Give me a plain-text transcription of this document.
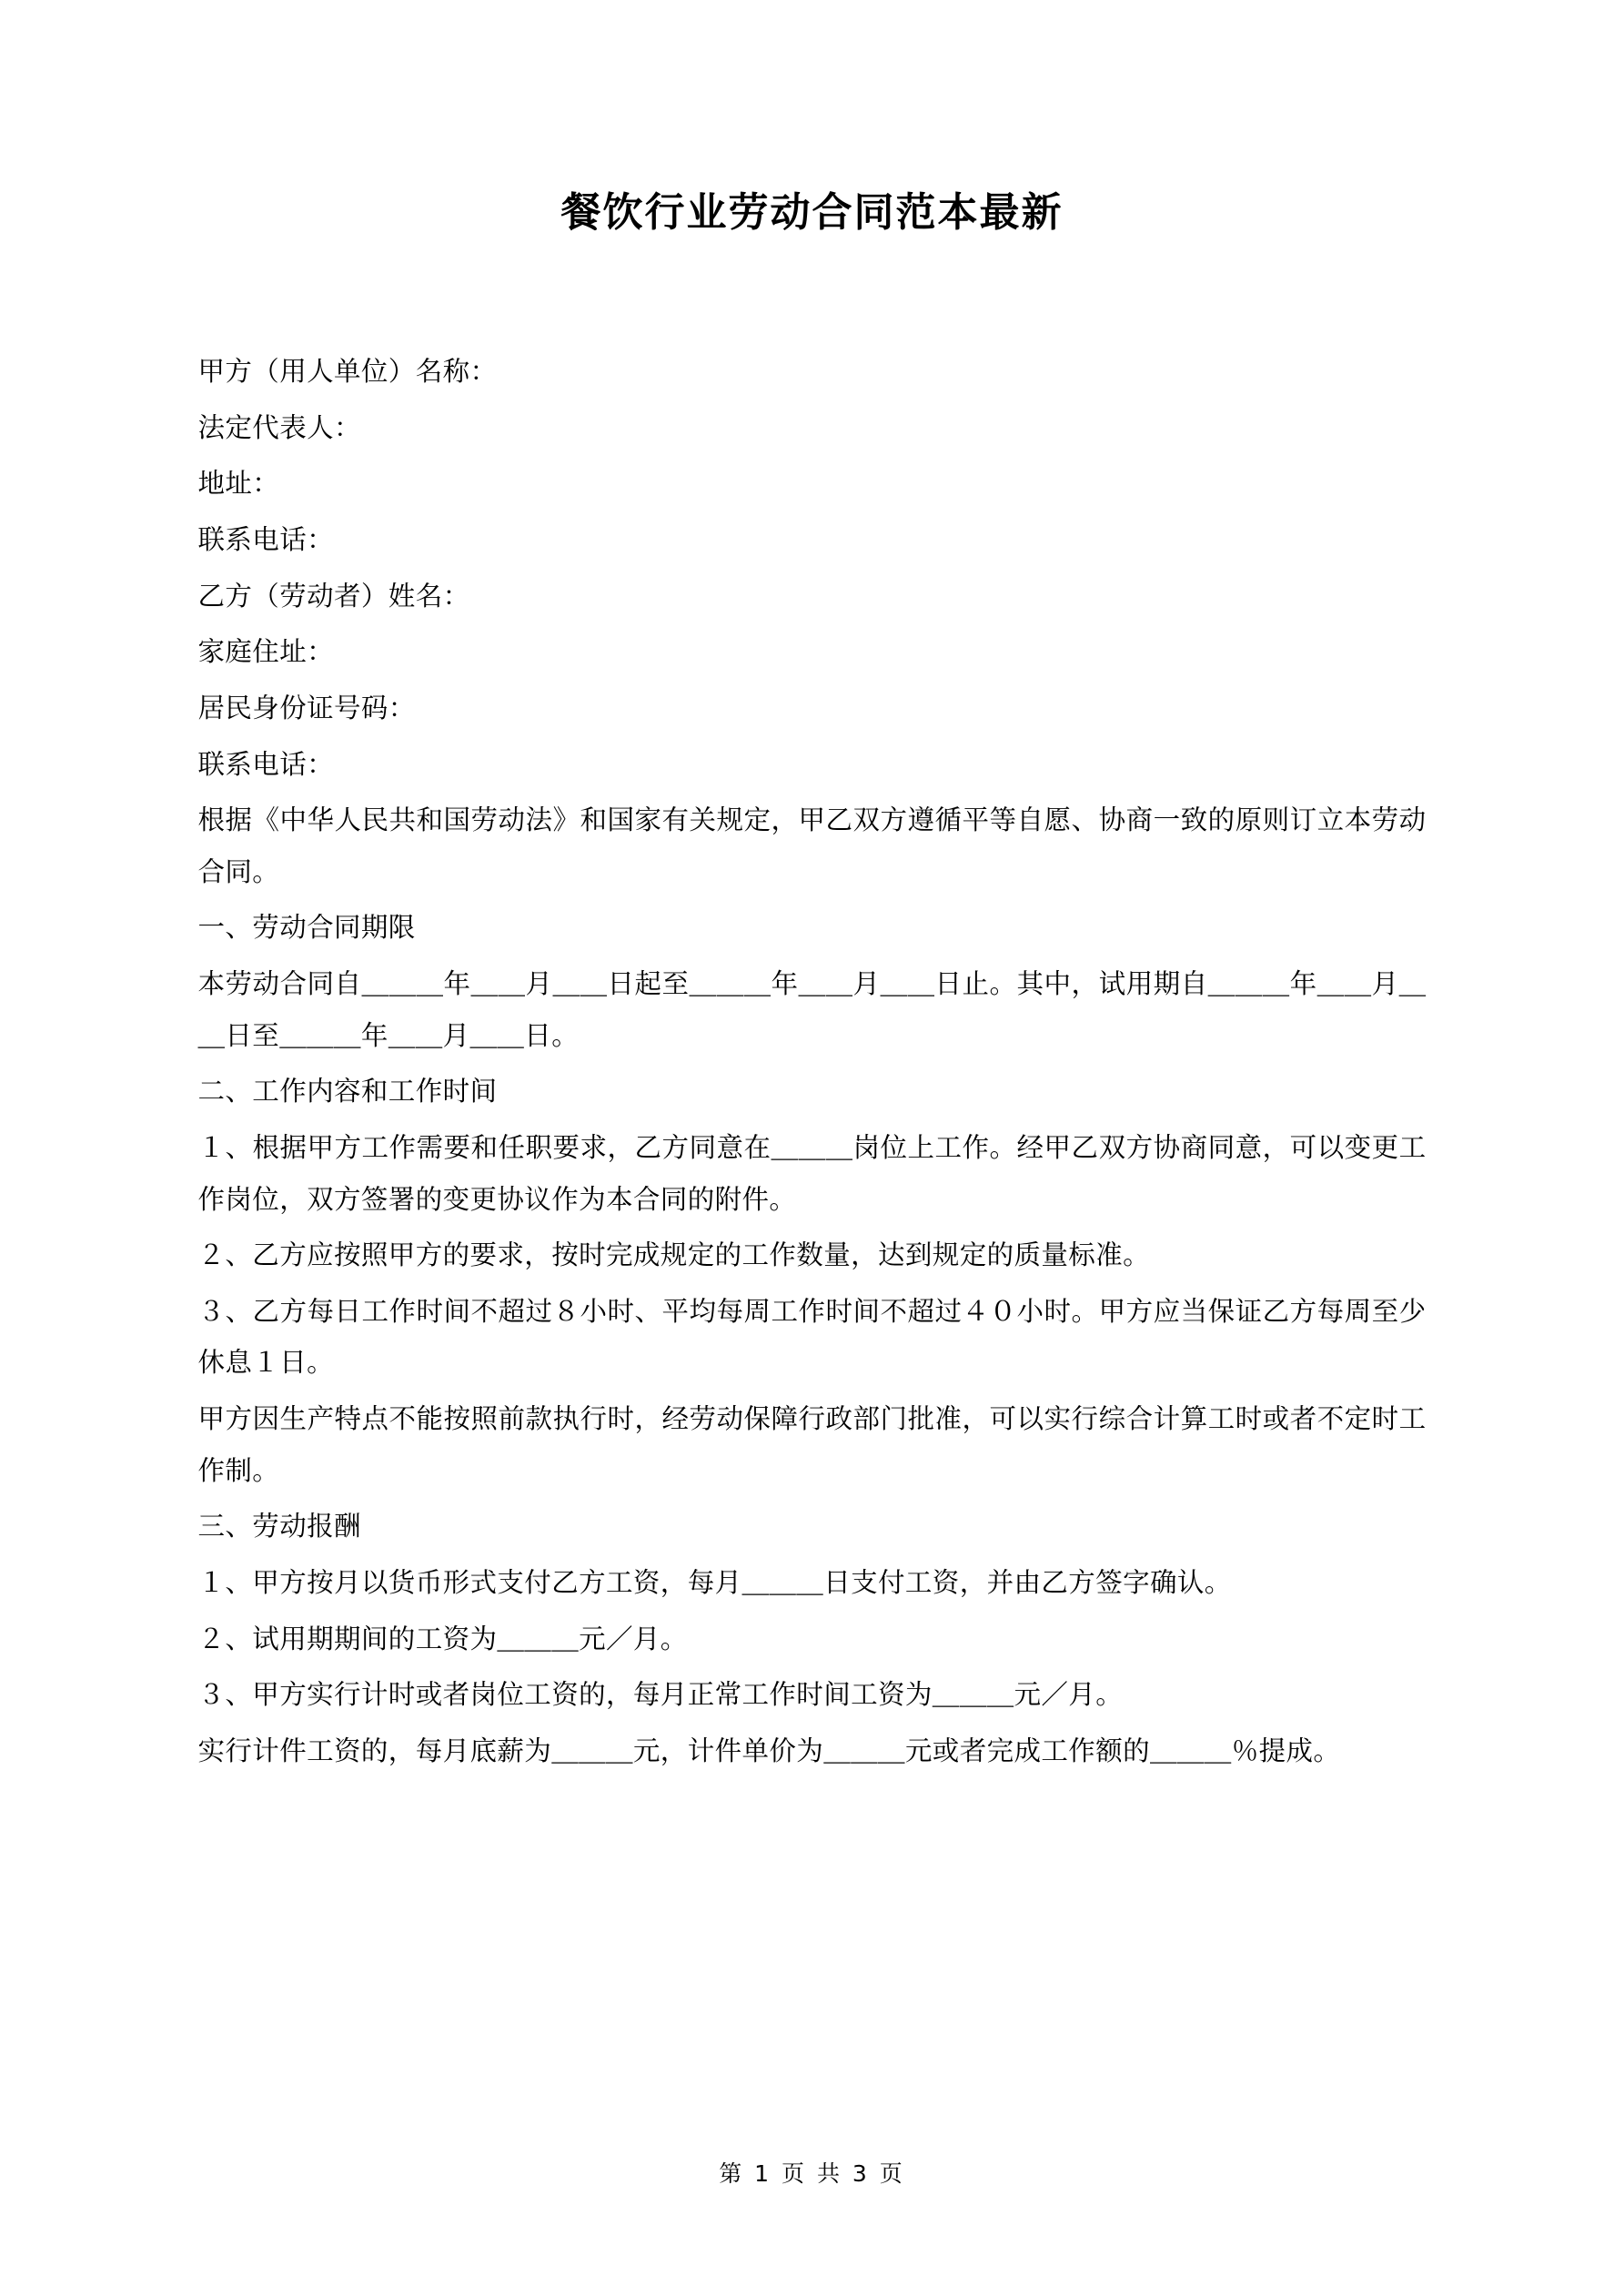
餐饮行业劳动合同范本最新

甲方（用人单位）名称：

法定代表人：

地址：

联系电话：

乙方（劳动者）姓名：

家庭住址：

居民身份证号码：

联系电话：

根据《中华人民共和国劳动法》和国家有关规定，甲乙双方遵循平等自愿、协商一致的原则订立本劳动合同。

一、劳动合同期限

本劳动合同自＿＿＿年＿＿月＿＿日起至＿＿＿年＿＿月＿＿日止。其中，试用期自＿＿＿年＿＿月＿＿日至＿＿＿年＿＿月＿＿日。

二、工作内容和工作时间

１、根据甲方工作需要和任职要求，乙方同意在＿＿＿岗位上工作。经甲乙双方协商同意，可以变更工作岗位，双方签署的变更协议作为本合同的附件。

２、乙方应按照甲方的要求，按时完成规定的工作数量，达到规定的质量标准。

３、乙方每日工作时间不超过８小时、平均每周工作时间不超过４０小时。甲方应当保证乙方每周至少休息１日。

甲方因生产特点不能按照前款执行时，经劳动保障行政部门批准，可以实行综合计算工时或者不定时工作制。

三、劳动报酬

１、甲方按月以货币形式支付乙方工资，每月＿＿＿日支付工资，并由乙方签字确认。

２、试用期期间的工资为＿＿＿元／月。

３、甲方实行计时或者岗位工资的，每月正常工作时间工资为＿＿＿元／月。

实行计件工资的，每月底薪为＿＿＿元，计件单价为＿＿＿元或者完成工作额的＿＿＿％提成。

第 1 页 共 3 页
